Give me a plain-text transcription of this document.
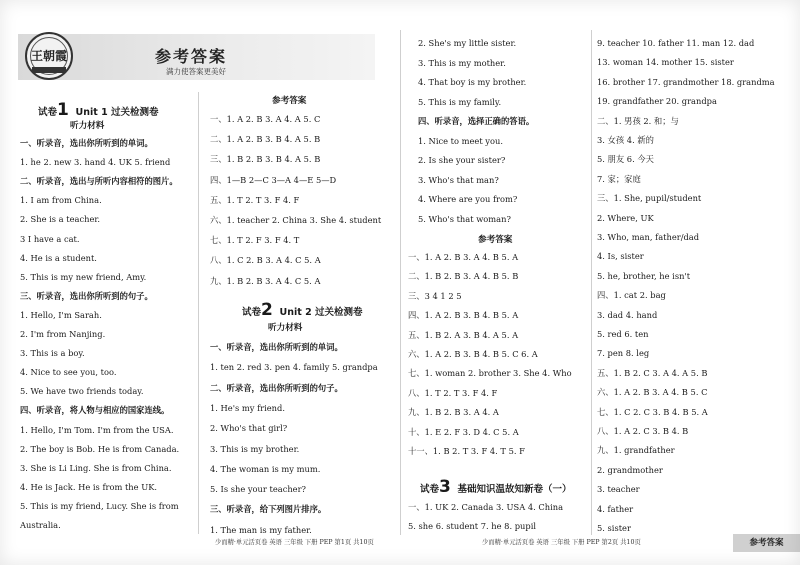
王朝霞	参考答案
满力使答案更美好
试卷1 Unit 1 过关检测卷
听力材料
一、听录音，选出你所听到的单词。
1. he 2. new 3. hand 4. UK 5. friend
二、听录音，选出与所听内容相符的图片。
1. I am from China.
2. She is a teacher.
3 I have a cat.
4. He is a student.
5. This is my new friend, Amy.
三、听录音，选出你所听到的句子。
1. Hello, I'm Sarah.
2. I'm from Nanjing.
3. This is a boy.
4. Nice to see you, too.
5. We have two friends today.
四、听录音，将人物与相应的国家连线。
1. Hello, I'm Tom. I'm from the USA.
2. The boy is Bob. He is from Canada.
3. She is Li Ling. She is from China.
4. He is Jack. He is from the UK.
5. This is my friend, Lucy. She is from
Australia.
参考答案
一、1. A 2. B 3. A 4. A 5. C
二、1. A 2. B 3. B 4. A 5. B
三、1. B 2. B 3. B 4. A 5. B
四、1—B 2—C 3—A 4—E 5—D
五、1. T 2. T 3. F 4. F
六、1. teacher 2. China 3. She 4. student
七、1. T 2. F 3. F 4. T
八、1. C 2. B 3. A 4. C 5. A
九、1. B 2. B 3. A 4. C 5. A
试卷2 Unit 2 过关检测卷
听力材料
一、听录音，选出你所听到的单词。
1. ten 2. red 3. pen 4. family 5. grandpa
二、听录音，选出你所听到的句子。
1. He's my friend.
2. Who's that girl?
3. This is my brother.
4. The woman is my mum.
5. Is she your teacher?
三、听录音，给下列图片排序。
1. The man is my father.
少而精·单元活页卷 英语 三年级 下册 PEP 第1页 共10页
2. She's my little sister.
3. This is my mother.
4. That boy is my brother.
5. This is my family.
四、听录音，选择正确的答语。
1. Nice to meet you.
2. Is she your sister?
3. Who's that man?
4. Where are you from?
5. Who's that woman?
参考答案
一、1. A 2. B 3. A 4. B 5. A
二、1. B 2. B 3. A 4. B 5. B
三、3 4 1 2 5
四、1. A 2. B 3. B 4. B 5. A
五、1. B 2. A 3. B 4. A 5. A
六、1. A 2. B 3. B 4. B 5. C 6. A
七、1. woman 2. brother 3. She 4. Who
八、1. T 2. T 3. F 4. F
九、1. B 2. B 3. A 4. A
十、1. E 2. F 3. D 4. C 5. A
十一、1. B 2. T 3. F 4. T 5. F
试卷3 基础知识温故知新卷（一）
一、1. UK 2. Canada 3. USA 4. China
5. she 6. student 7. he 8. pupil
少而精·单元活页卷 英语 三年级 下册 PEP 第2页 共10页
9. teacher 10. father 11. man 12. dad
13. woman 14. mother 15. sister
16. brother 17. grandmother 18. grandma
19. grandfather 20. grandpa
二、1. 男孩 2. 和；与
3. 女孩 4. 新的
5. 朋友 6. 今天
7. 家；家庭
三、1. She, pupil/student
2. Where, UK
3. Who, man, father/dad
4. Is, sister
5. he, brother, he isn't
四、1. cat 2. bag
3. dad 4. hand
5. red 6. ten
7. pen 8. leg
五、1. B 2. C 3. A 4. A 5. B
六、1. A 2. B 3. A 4. B 5. C
七、1. C 2. C 3. B 4. B 5. A
八、1. A 2. C 3. B 4. B
九、1. grandfather
2. grandmother
3. teacher
4. father
5. sister
参考答案
